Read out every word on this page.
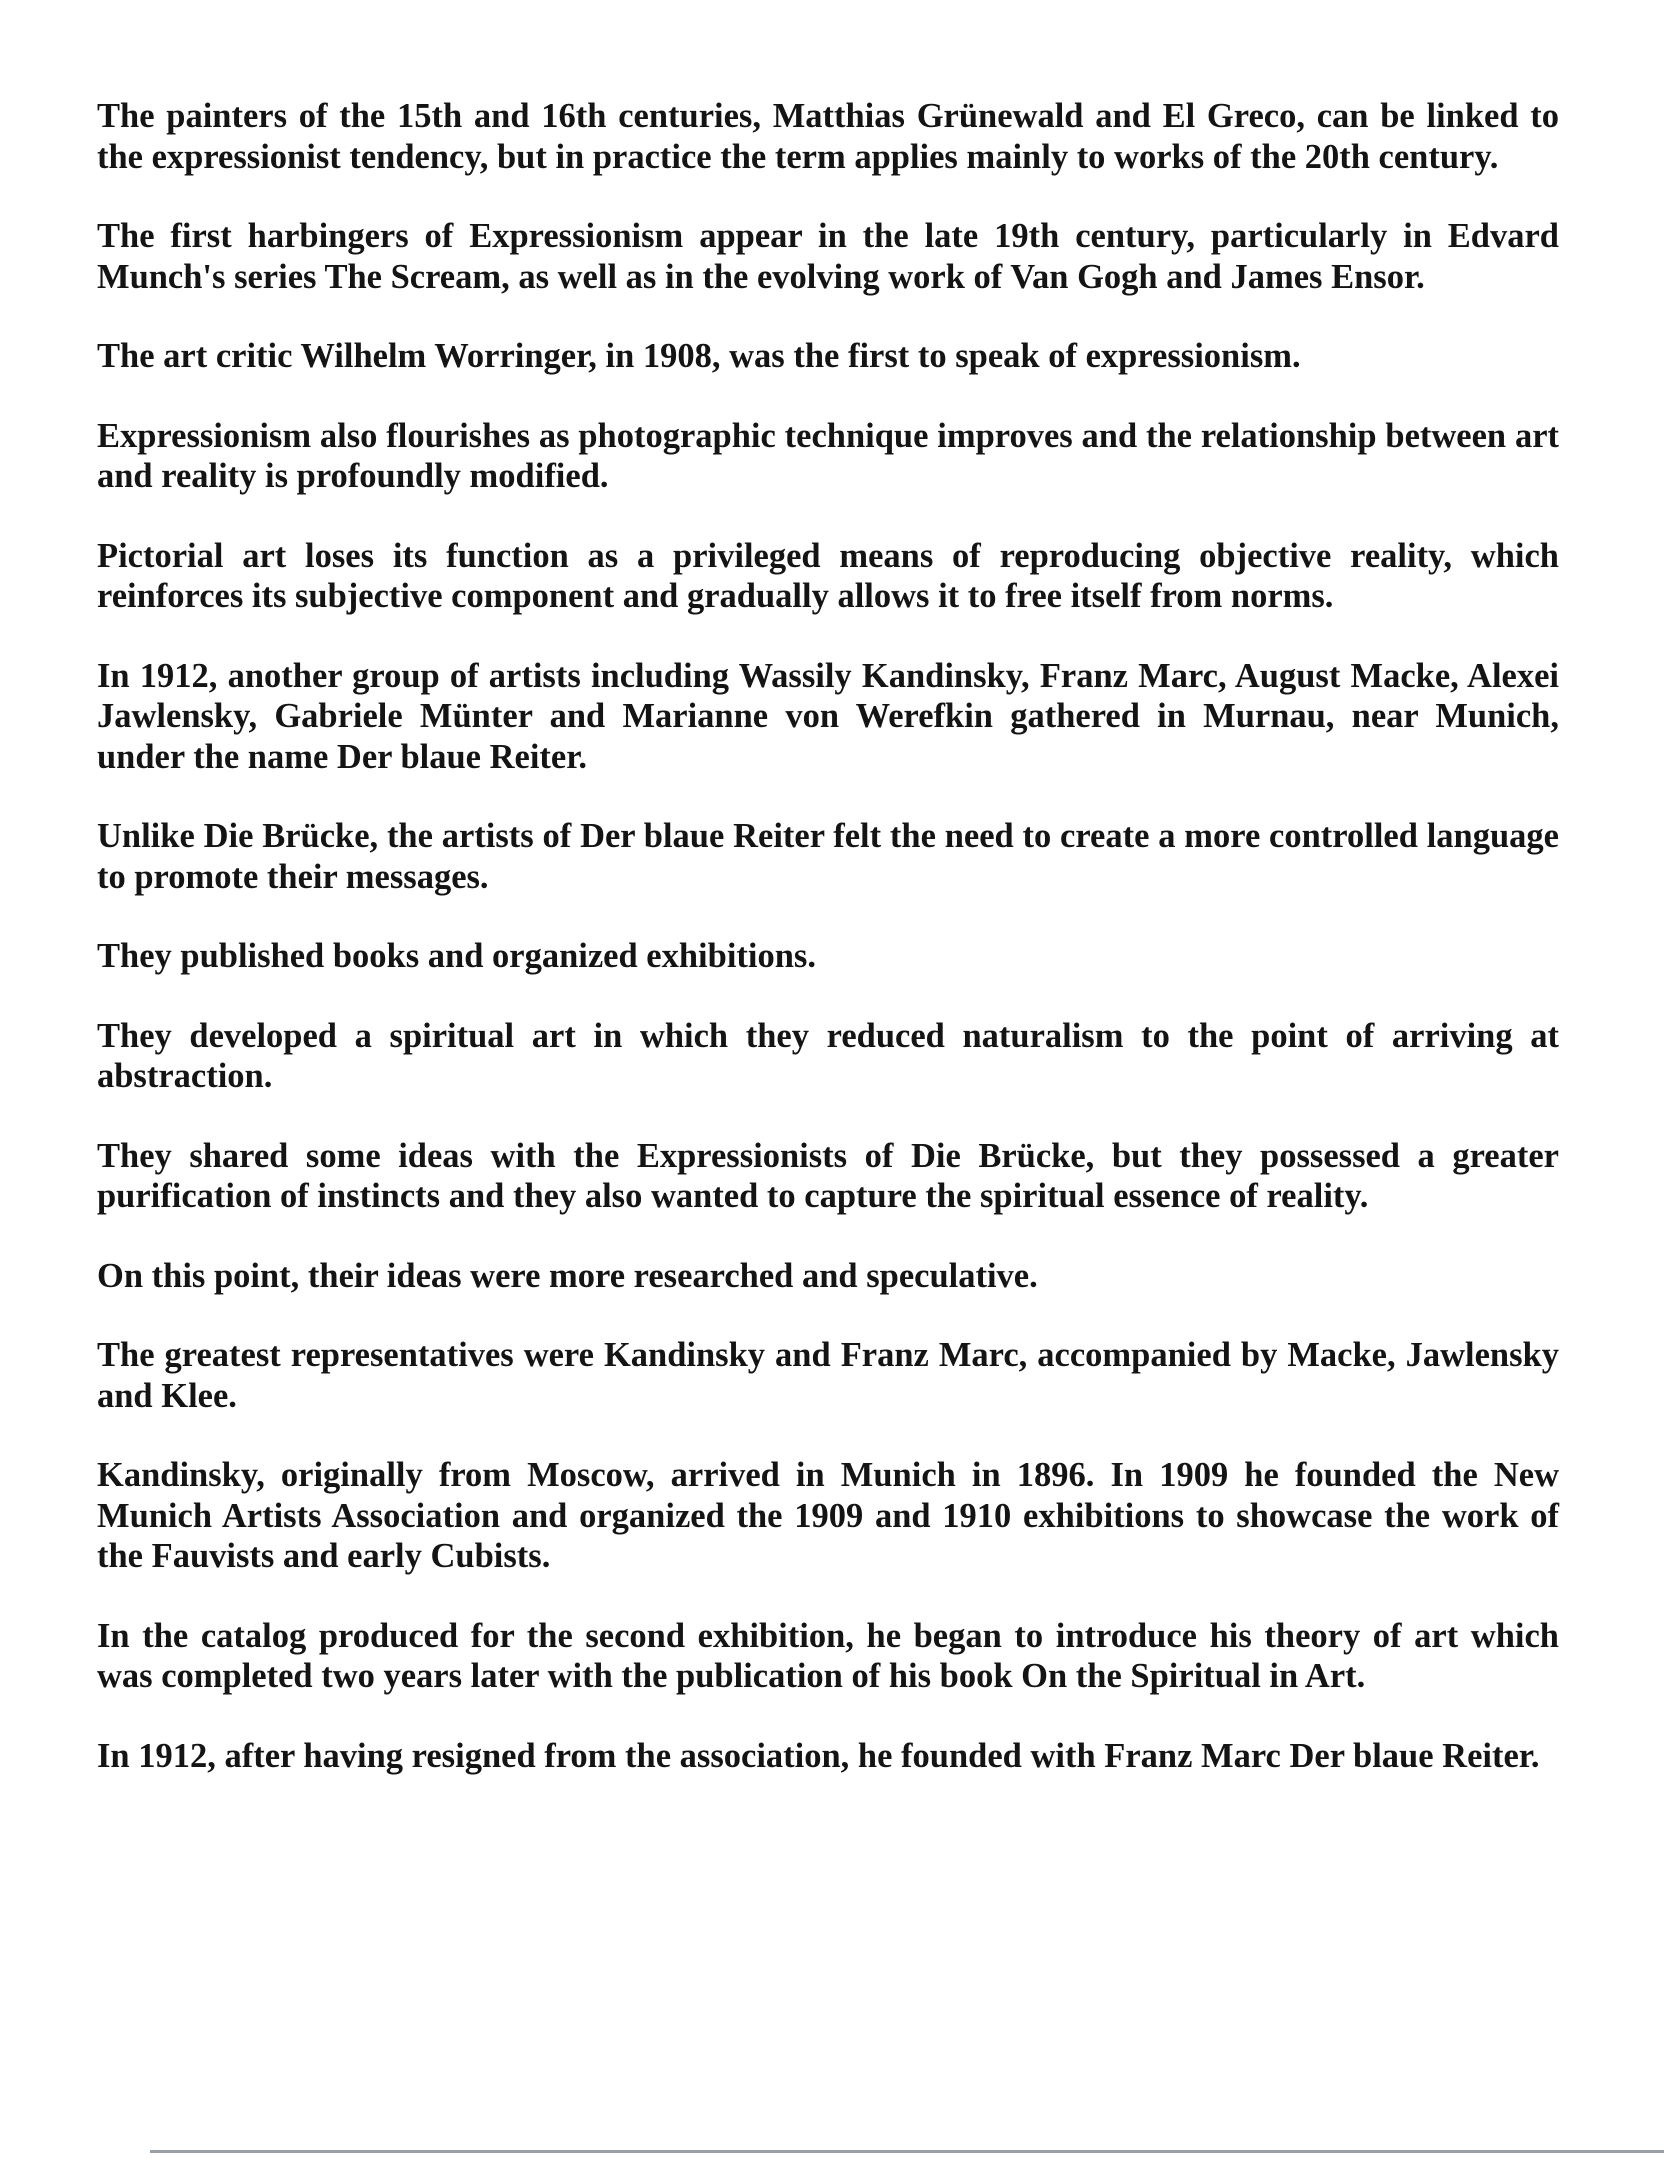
The painters of the 15th and 16th centuries, Matthias Grünewald and El Greco, can be linked to the expressionist tendency, but in practice the term applies mainly to works of the 20th century.

The first harbingers of Expressionism appear in the late 19th century, particularly in Edvard Munch's series The Scream, as well as in the evolving work of Van Gogh and James Ensor.

The art critic Wilhelm Worringer, in 1908, was the first to speak of expressionism.

Expressionism also flourishes as photographic technique improves and the relationship between art and reality is profoundly modified.

Pictorial art loses its function as a privileged means of reproducing objective reality, which reinforces its subjective component and gradually allows it to free itself from norms.

In 1912, another group of artists including Wassily Kandinsky, Franz Marc, August Macke, Alexei Jawlensky, Gabriele Münter and Marianne von Werefkin gathered in Murnau, near Munich, under the name Der blaue Reiter.

Unlike Die Brücke, the artists of Der blaue Reiter felt the need to create a more controlled language to promote their messages.

They published books and organized exhibitions.

They developed a spiritual art in which they reduced naturalism to the point of arriving at abstraction.

They shared some ideas with the Expressionists of Die Brücke, but they possessed a greater purification of instincts and they also wanted to capture the spiritual essence of reality.

On this point, their ideas were more researched and speculative.

The greatest representatives were Kandinsky and Franz Marc, accompanied by Macke, Jawlensky and Klee.

Kandinsky, originally from Moscow, arrived in Munich in 1896. In 1909 he founded the New Munich Artists Association and organized the 1909 and 1910 exhibitions to showcase the work of the Fauvists and early Cubists.

In the catalog produced for the second exhibition, he began to introduce his theory of art which was completed two years later with the publication of his book On the Spiritual in Art.

In 1912, after having resigned from the association, he founded with Franz Marc Der blaue Reiter.
